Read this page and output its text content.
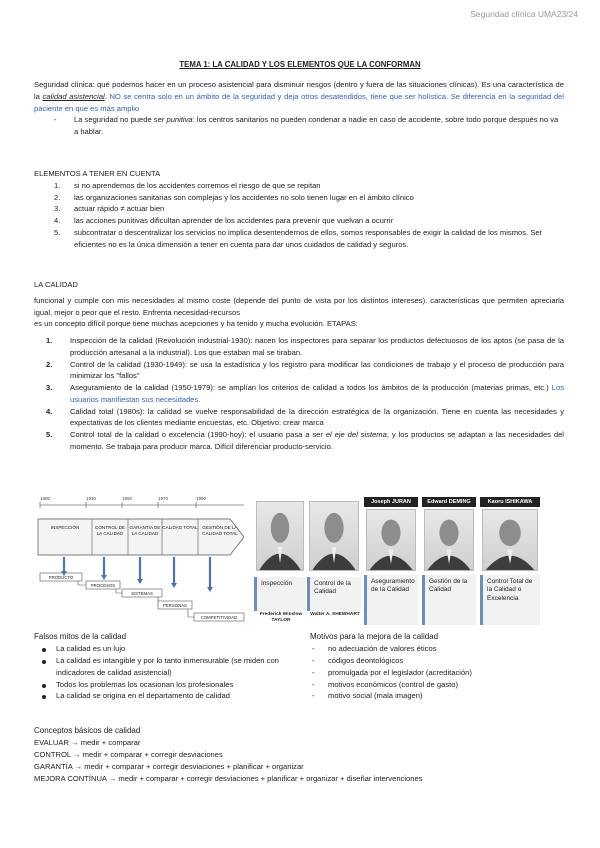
Seguridad clínica UMA23/24
TEMA 1: LA CALIDAD Y LOS ELEMENTOS QUE LA CONFORMAN

Seguridad clínica: qué podemos hacer en un proceso asistencial para disminuir riesgos (dentro y fuera de las situaciones clínicas). Es una característica de la calidad asistencial. NO se centra solo en un ámbito de la seguridad y deja otros desatendidos, tiene que ser holística. Se diferencia en la seguridad del paciente en que es más amplio

- La seguridad no puede ser punitiva: los centros sanitarios no pueden condenar a nadie en caso de accidente, sobre todo porque después no va a hablar.

ELEMENTOS A TENER EN CUENTA

1. si no aprendemos de los accidentes corremos el riesgo de que se repitan
2. las organizaciones sanitarias son complejas y los accidentes no solo tienen lugar en el ámbito clínico
3. actuar rápido ≠ actuar bien
4. las acciones punitivas dificultan aprender de los accidentes para prevenir que vuelvan a ocurrir
5. subcontratar o descentralizar los servicios no implica desentendernos de ellos, somos responsables de exigir la calidad de los mismos. Ser eficientes no es la única dimensión a tener en cuenta para dar unos cuidados de calidad y seguros.

LA CALIDAD

funcional y cumple con mis necesidades al mismo coste (depende del punto de vista por los distintos intereses). características que permiten apreciarla igual, mejor o peor que el resto. Enfrenta necesidad-recursos

es un concepto difícil porque tiene muchas acepciones y ha tenido y mucha evolución. ETAPAS:

1. Inspección de la calidad (Revolución industrial-1930): nacen los inspectores para separar los productos defectuosos de los aptos (se pasa de la producción artesanal a la industrial). Los que estaban mal se tiraban.
2. Control de la calidad (1930-1949): se usa la estadística y los registro para modificar las condiciones de trabajo y el proceso de producción para minimizar los "fallos"
3. Aseguramiento de la calidad (1950-1979): se amplían los criterios de calidad a todos los ámbitos de la producción (materias primas, etc.) Los usuarios manifiestan sus necesidades.
4. Calidad total (1980s): la calidad se vuelve responsabilidad de la dirección estratégica de la organización. Tiene en cuenta las necesidades y expectativas de los clientes mediante encuestas, etc. Objetivo: crear marca
5. Control total de la calidad o excelencia (1990-hoy): el usuario pasa a ser el eje del sistema, y los productos se adaptan a las necesidades del momento. Se trabaja para producir marca. Difícil diferenciar producto-servicio.
1900	1930	1950	1970	1990
INSPECCIÓN	CONTROL DE LA CALIDAD
GARANTÍA DE LA CALIDAD
CALIDAD TOTAL	GESTIÓN DE LA CALIDAD TOTAL
PRODUCTO
PROCESOS
SISTEMAS
PERSONAS
COMPETITIVIDAD
Inspección
Frederick Winslow TAYLOR
Control de la Calidad
Walter A. SHEWHART
Joseph JURAN
Aseguramiento de la Calidad
Edward DEMING
Gestión de la Calidad
Kaoru ISHIKAWA
Control Total de la Calidad o Excelencia

Falsos mitos de la calidad

La calidad es un lujo
La calidad es intangible y por lo tanto inmensurable (se miden con indicadores de calidad asistencial)
Todos los problemas los ocasionan los profesionales
La calidad se origina en el departamento de calidad

Motivos para la mejora de la calidad

- no adecuación de valores éticos
- códigos deontológicos
- promulgada por el legislador (acreditación)
- motivos económicos (control de gasto)
- motivo social (mala imagen)

Conceptos básicos de calidad

EVALUAR → medir + comparar
CONTROL → medir + comparar + corregir desviaciones
GARANTÍA → medir + comparar + corregir desviaciones + planificar + organizar
MEJORA CONTÍNUA → medir + comparar + corregir desviaciones + planificar + organizar + diseñar intervenciones
